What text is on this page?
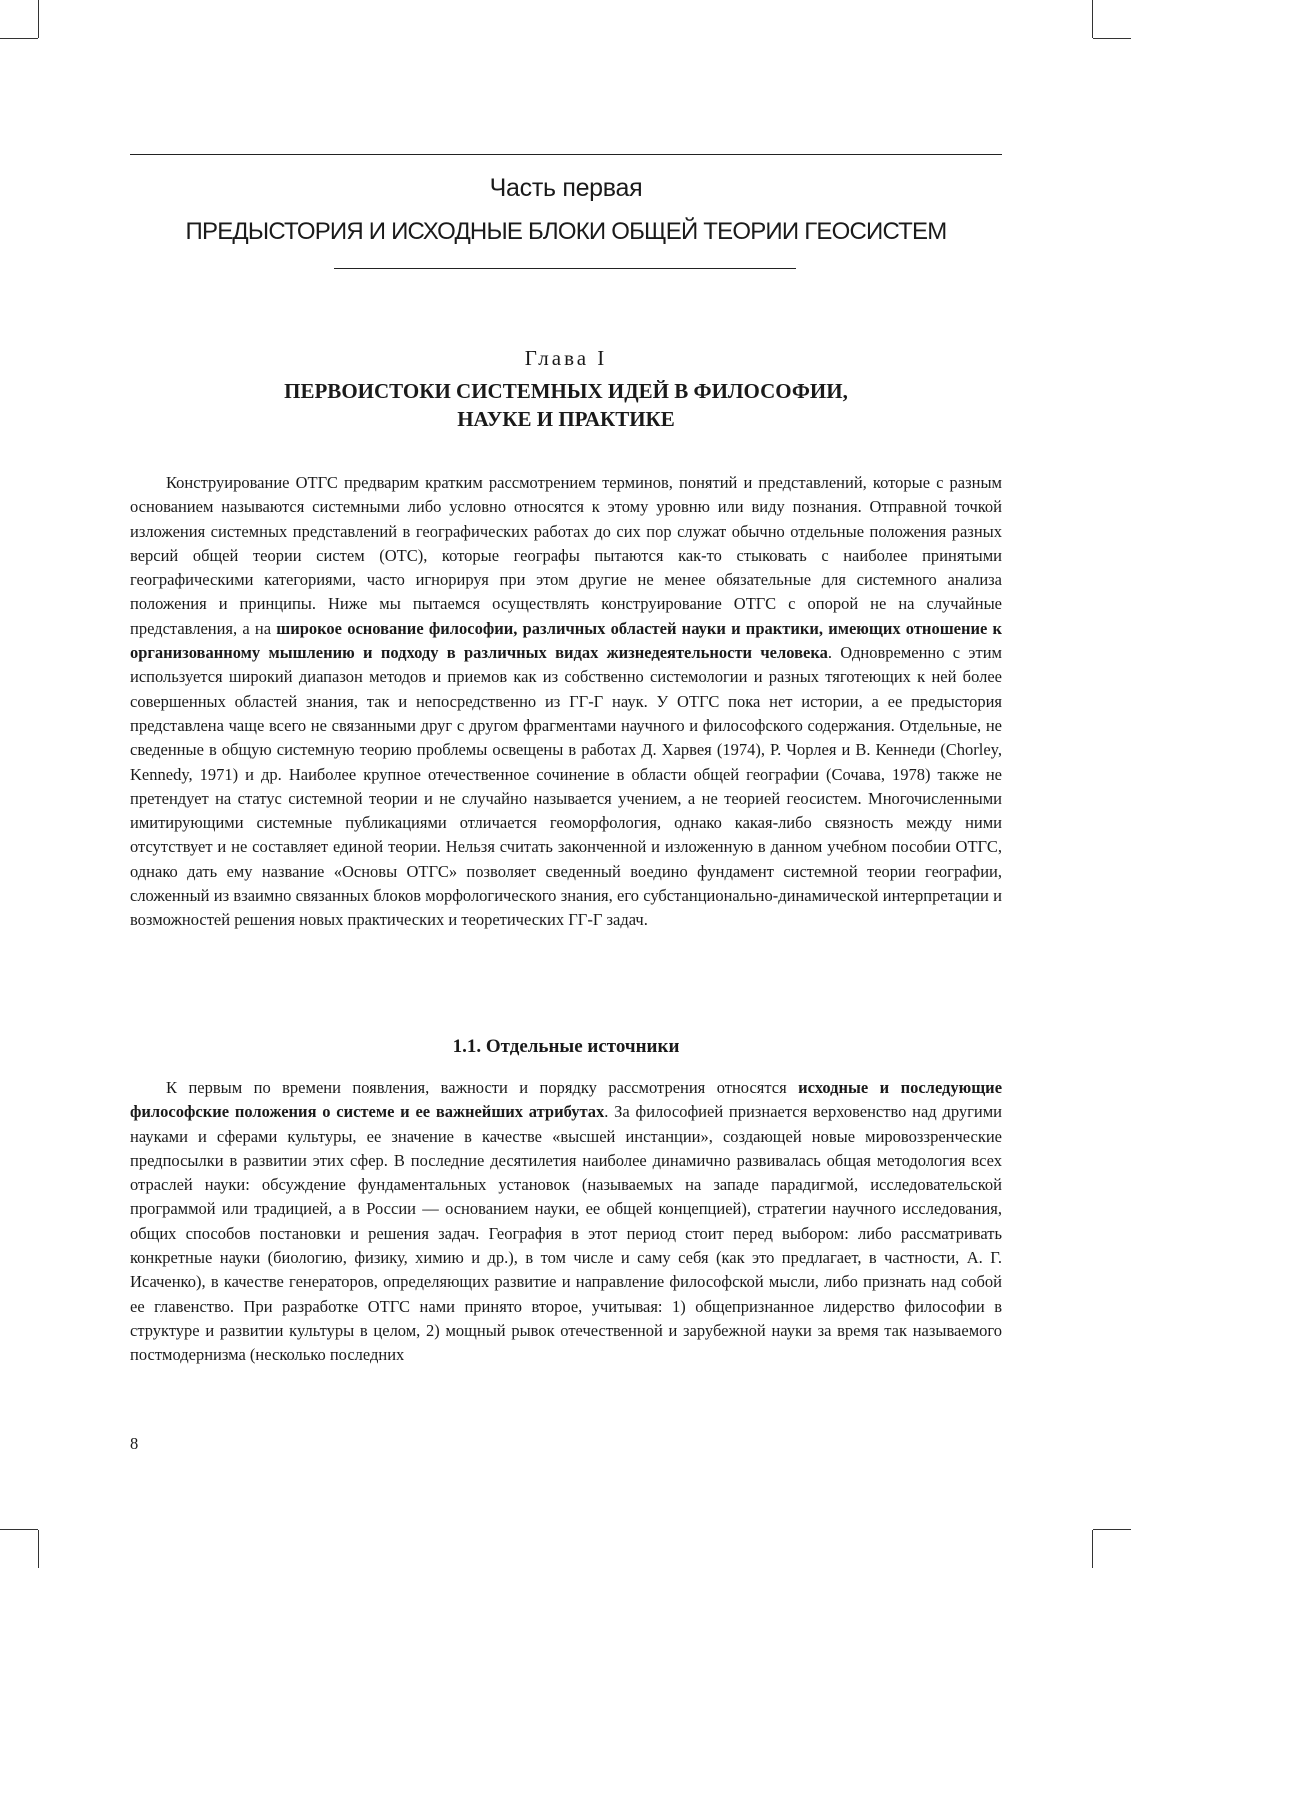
Часть первая
ПРЕДЫСТОРИЯ И ИСХОДНЫЕ БЛОКИ ОБЩЕЙ ТЕОРИИ ГЕОСИСТЕМ
Глава I
ПЕРВОИСТОКИ СИСТЕМНЫХ ИДЕЙ В ФИЛОСОФИИ,
НАУКЕ И ПРАКТИКЕ

Конструирование ОТГС предварим кратким рассмотрением терминов, понятий и представлений, которые с разным основанием называются системными либо условно относятся к этому уровню или виду познания. Отправной точкой изложения системных представлений в географических работах до сих пор служат обычно отдельные положения разных версий общей теории систем (ОТС), которые географы пытаются как-то стыковать с наиболее принятыми географическими категориями, часто игнорируя при этом другие не менее обязательные для системного анализа положения и принципы. Ниже мы пытаемся осуществлять конструирование ОТГС с опорой не на случайные представления, а на широкое основание философии, различных областей науки и практики, имеющих отношение к организованному мышлению и подходу в различных видах жизнедеятельности человека. Одновременно с этим используется широкий диапазон методов и приемов как из собственно системологии и разных тяготеющих к ней более совершенных областей знания, так и непосредственно из ГГ-Г наук. У ОТГС пока нет истории, а ее предыстория представлена чаще всего не связанными друг с другом фрагментами научного и философского содержания. Отдельные, не сведенные в общую системную теорию проблемы освещены в работах Д. Харвея (1974), Р. Чорлея и В. Кеннеди (Chorley, Kennedy, 1971) и др. Наиболее крупное отечественное сочинение в области общей географии (Сочава, 1978) также не претендует на статус системной теории и не случайно называется учением, а не теорией геосистем. Многочисленными имитирующими системные публикациями отличается геоморфология, однако какая-либо связность между ними отсутствует и не составляет единой теории. Нельзя считать законченной и изложенную в данном учебном пособии ОТГС, однако дать ему название «Основы ОТГС» позволяет сведенный воедино фундамент системной теории географии, сложенный из взаимно связанных блоков морфологического знания, его субстанционально-динамической интерпретации и возможностей решения новых практических и теоретических ГГ-Г задач.

1.1. Отдельные источники

К первым по времени появления, важности и порядку рассмотрения относятся исходные и последующие философские положения о системе и ее важнейших атрибутах. За философией признается верховенство над другими науками и сферами культуры, ее значение в качестве «высшей инстанции», создающей новые мировоззренческие предпосылки в развитии этих сфер. В последние десятилетия наиболее динамично развивалась общая методология всех отраслей науки: обсуждение фундаментальных установок (называемых на западе парадигмой, исследовательской программой или традицией, а в России — основанием науки, ее общей концепцией), стратегии научного исследования, общих способов постановки и решения задач. География в этот период стоит перед выбором: либо рассматривать конкретные науки (биологию, физику, химию и др.), в том числе и саму себя (как это предлагает, в частности, А. Г. Исаченко), в качестве генераторов, определяющих развитие и направление философской мысли, либо признать над собой ее главенство. При разработке ОТГС нами принято второе, учитывая: 1) общепризнанное лидерство философии в структуре и развитии культуры в целом, 2) мощный рывок отечественной и зарубежной науки за время так называемого постмодернизма (несколько последних

8
